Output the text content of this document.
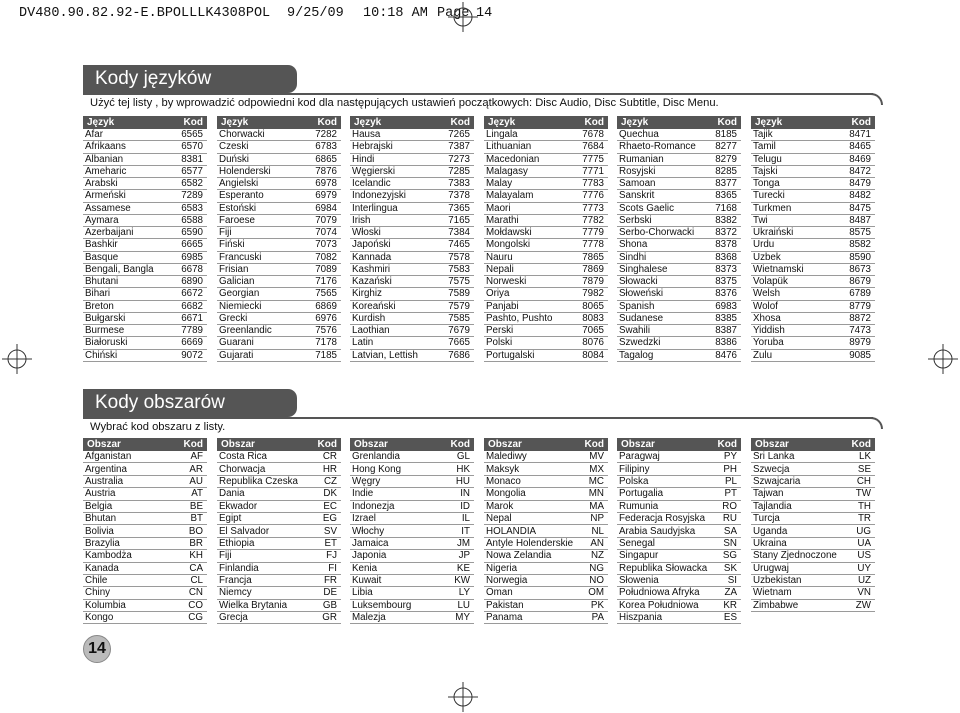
DV480.90.82.92-E.BPOLLLK4308POL 9/25/09 10:18 AM Page 14
Kody języków
Użyć tej listy , by wprowadzić odpowiedni kod dla następujących ustawień początkowych: Disc Audio, Disc Subtitle, Disc Menu.
Język	Kod
Afar	6565
Afrikaans	6570
Albanian	8381
Ameharic	6577
Arabski	6582
Armeński	7289
Assamese	6583
Aymara	6588
Azerbaijani	6590
Bashkir	6665
Basque	6985
Bengali, Bangla	6678
Bhutani	6890
Bihari	6672
Breton	6682
Bułgarski	6671
Burmese	7789
Białoruski	6669
Chiński	9072
Język	Kod
Chorwacki	7282
Czeski	6783
Duński	6865
Holenderski	7876
Angielski	6978
Esperanto	6979
Estoński	6984
Faroese	7079
Fiji	7074
Fiński	7073
Francuski	7082
Frisian	7089
Galician	7176
Georgian	7565
Niemiecki	6869
Grecki	6976
Greenlandic	7576
Guarani	7178
Gujarati	7185
Język	Kod
Hausa	7265
Hebrajski	7387
Hindi	7273
Węgierski	7285
Icelandic	7383
Indonezyjski	7378
Interlingua	7365
Irish	7165
Włoski	7384
Japoński	7465
Kannada	7578
Kashmiri	7583
Kazański	7575
Kirghiz	7589
Koreański	7579
Kurdish	7585
Laothian	7679
Latin	7665
Latvian, Lettish	7686
Język	Kod
Lingala	7678
Lithuanian	7684
Macedonian	7775
Malagasy	7771
Malay	7783
Malayalam	7776
Maori	7773
Marathi	7782
Mołdawski	7779
Mongolski	7778
Nauru	7865
Nepali	7869
Norweski	7879
Oriya	7982
Panjabi	8065
Pashto, Pushto	8083
Perski	7065
Polski	8076
Portugalski	8084
Język	Kod
Quechua	8185
Rhaeto-Romance 8277
Rumanian	8279
Rosyjski	8285
Samoan	8377
Sanskrit	8365
Scots Gaelic	7168
Serbski	8382
Serbo-Chorwacki 8372
Shona	8378
Sindhi	8368
Singhalese	8373
Słowacki	8375
Słoweński	8376
Spanish	6983
Sudanese	8385
Swahili	8387
Szwedzki	8386
Tagalog	8476
Język	Kod
Tajik	8471
Tamil	8465
Telugu	8469
Tajski	8472
Tonga	8479
Turecki	8482
Turkmen	8475
Twi	8487
Ukraiński	8575
Urdu	8582
Uzbek	8590
Wietnamski	8673
Volapük	8679
Welsh	6789
Wolof	8779
Xhosa	8872
Yiddish	7473
Yoruba	8979
Zulu	9085
Kody obszarów
Wybrać kod obszaru z listy.
Obszar	Kod
Afganistan	AF
Argentina	AR
Australia	AU
Austria	AT
Belgia	BE
Bhutan	BT
Bolivia	BO
Brazylia	BR
Kambodża	KH
Kanada	CA
Chile	CL
Chiny	CN
Kolumbia	CO
Kongo	CG
Obszar	Kod
Costa Rica	CR
Chorwacja	HR
Republika Czeska	CZ
Dania	DK
Ekwador	EC
Egipt	EG
El Salvador	SV
Ethiopia	ET
Fiji	FJ
Finlandia	FI
Francja	FR
Niemcy	DE
Wielka Brytania	GB
Grecja	GR
Obszar	Kod
Grenlandia	GL
Hong Kong	HK
Węgry	HU
Indie	IN
Indonezja	ID
Izrael	IL
Włochy	IT
Jamaica	JM
Japonia	JP
Kenia	KE
Kuwait	KW
Libia	LY
Luksembourg	LU
Malezja	MY
Obszar	Kod
Malediwy	MV
Maksyk	MX
Monaco	MC
Mongolia	MN
Marok	MA
Nepal	NP
HOLANDIA	NL
Antyle Holenderskie AN
Nowa Zelandia	NZ
Nigeria	NG
Norwegia	NO
Oman	OM
Pakistan	PK
Panama	PA
Obszar	Kod
Paragwaj	PY
Filipiny	PH
Polska	PL
Portugalia	PT
Rumunia	RO
Federacja Rosyjska RU
Arabia Saudyjska	SA
Senegal	SN
Singapur	SG
Republika Słowacka SK
Słowenia	SI
Południowa Afryka	ZA
Korea Południowa	KR
Hiszpania	ES
Obszar	Kod
Sri Lanka	LK
Szwecja	SE
Szwajcaria	CH
Tajwan	TW
Tajlandia	TH
Turcja	TR
Uganda	UG
Ukraina	UA
Stany Zjednoczone US
Urugwaj	UY
Uzbekistan	UZ
Wietnam	VN
Zimbabwe	ZW
14
